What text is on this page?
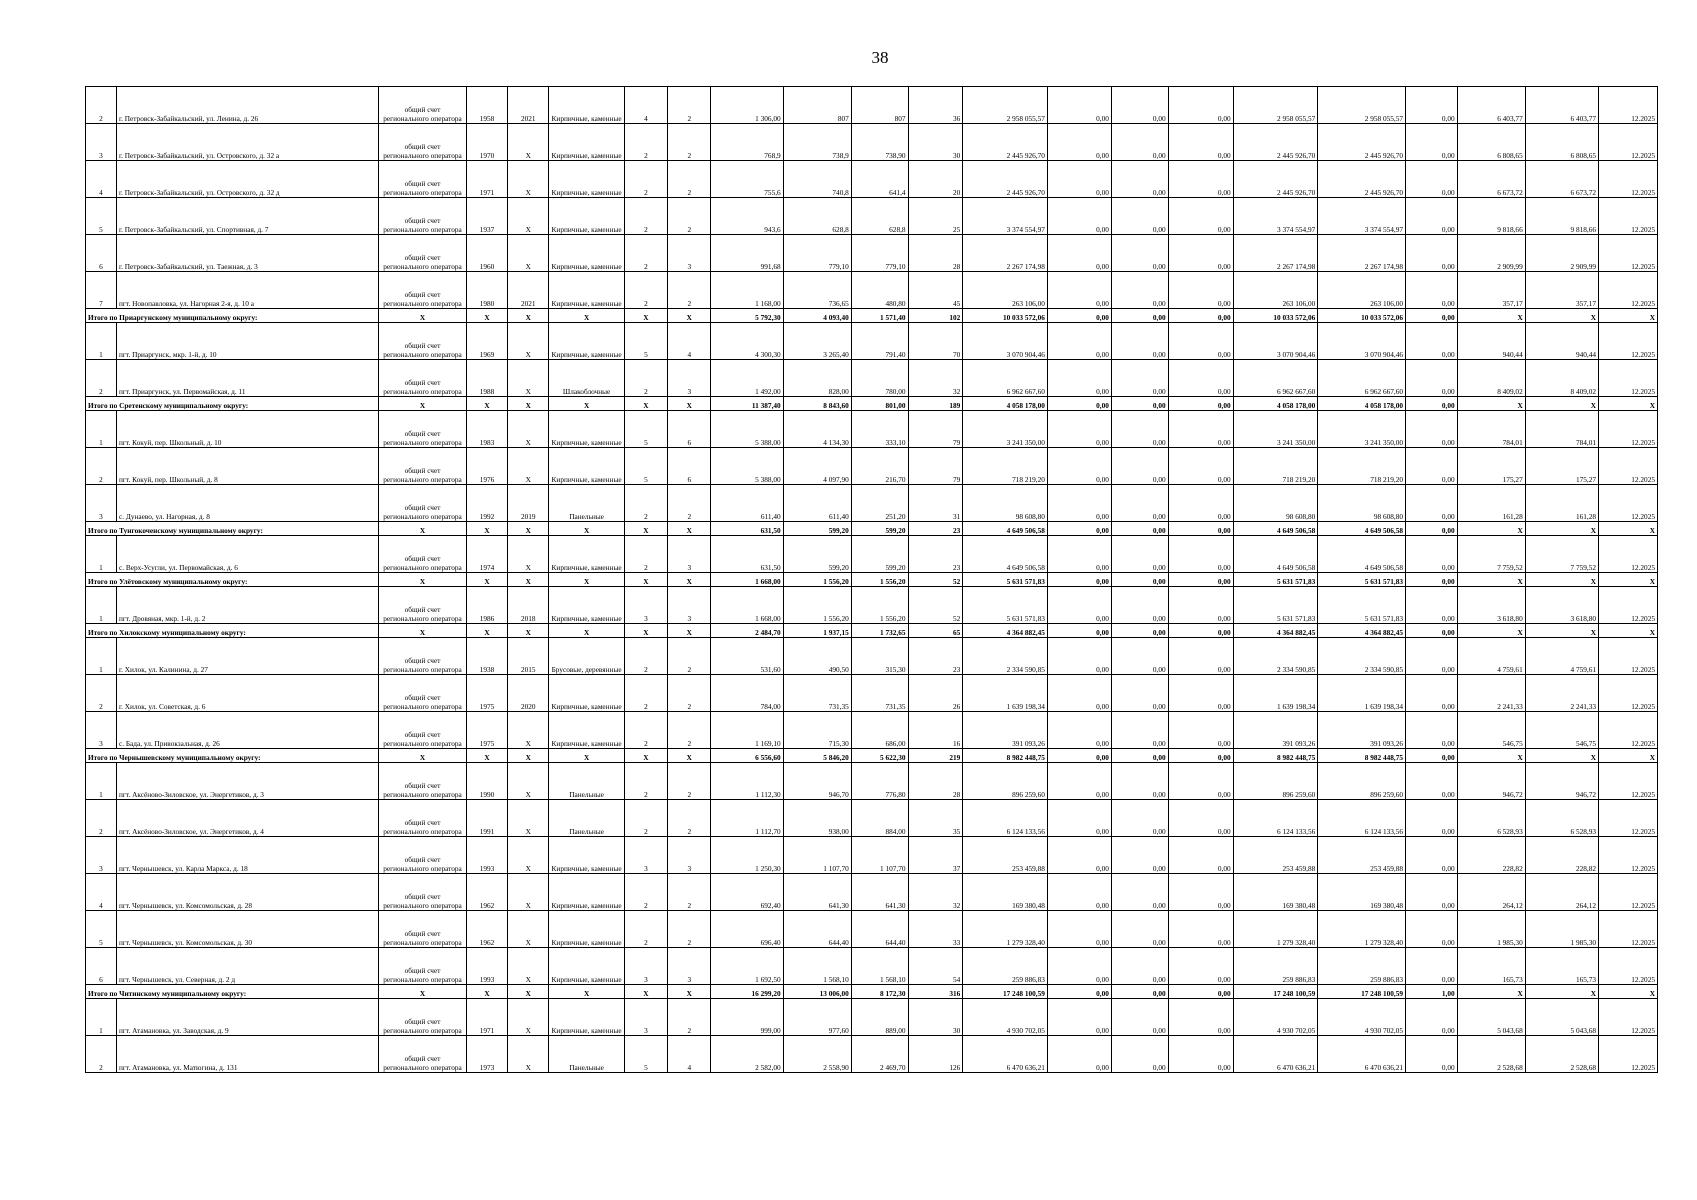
38
2	г. Петровск-Забайкальский, ул. Ленина, д. 26	общий счет регионального оператора	1958	2021	Кирпичные, каменные	4	2	1 306,00	807	807	36	2 958 055,57	0,00	0,00	0,00	2 958 055,57	2 958 055,57	0,00	6 403,77	6 403,77	12.2025
3	г. Петровск-Забайкальский, ул. Островского, д. 32 а	общий счет регионального оператора	1970	X	Кирпичные, каменные	2	2	768,9	738,9	738,90	30	2 445 926,70	0,00	0,00	0,00	2 445 926,70	2 445 926,70	0,00	6 808,65	6 808,65	12.2025
4	г. Петровск-Забайкальский, ул. Островского, д. 32 д	общий счет регионального оператора	1971	X	Кирпичные, каменные	2	2	755,6	740,8	641,4	20	2 445 926,70	0,00	0,00	0,00	2 445 926,70	2 445 926,70	0,00	6 673,72	6 673,72	12.2025
5	г. Петровск-Забайкальский, ул. Спортивная, д. 7	общий счет регионального оператора	1937	X	Кирпичные, каменные	2	2	943,6	628,8	628,8	25	3 374 554,97	0,00	0,00	0,00	3 374 554,97	3 374 554,97	0,00	9 818,66	9 818,66	12.2025
6	г. Петровск-Забайкальский, ул. Таежная, д. 3	общий счет регионального оператора	1960	X	Кирпичные, каменные	2	3	991,68	779,10	779,10	28	2 267 174,98	0,00	0,00	0,00	2 267 174,98	2 267 174,98	0,00	2 909,99	2 909,99	12.2025
7	пгт. Новопавловка, ул. Нагорная 2-я, д. 10 а	общий счет регионального оператора	1980	2021	Кирпичные, каменные	2	2	1 168,00	736,65	480,80	45	263 106,00	0,00	0,00	0,00	263 106,00	263 106,00	0,00	357,17	357,17	12.2025
Итого по Приаргунскому муниципальному округу:		X	X	X	X	X	X	5 792,30	4 093,40	1 571,40	102	10 033 572,06	0,00	0,00	0,00	10 033 572,06	10 033 572,06	0,00	X	X	X
1	пгт. Приаргунск, мкр. 1-й, д. 10	общий счет регионального оператора	1969	X	Кирпичные, каменные	5	4	4 300,30	3 265,40	791,40	70	3 070 904,46	0,00	0,00	0,00	3 070 904,46	3 070 904,46	0,00	940,44	940,44	12.2025
2	пгт. Приаргунск, ул. Первомайская, д. 11	общий счет регионального оператора	1988	X	Шлакоблочные	2	3	1 492,00	828,00	780,00	32	6 962 667,60	0,00	0,00	0,00	6 962 667,60	6 962 667,60	0,00	8 409,02	8 409,02	12.2025
Итого по Сретенскому муниципальному округу:		X	X	X	X	X	X	11 387,40	8 843,60	801,00	189	4 058 178,00	0,00	0,00	0,00	4 058 178,00	4 058 178,00	0,00	X	X	X
1	пгт. Кокуй, пер. Школьный, д. 10	общий счет регионального оператора	1983	X	Кирпичные, каменные	5	6	5 388,00	4 134,30	333,10	79	3 241 350,00	0,00	0,00	0,00	3 241 350,00	3 241 350,00	0,00	784,01	784,01	12.2025
2	пгт. Кокуй, пер. Школьный, д. 8	общий счет регионального оператора	1976	X	Кирпичные, каменные	5	6	5 388,00	4 097,90	216,70	79	718 219,20	0,00	0,00	0,00	718 219,20	718 219,20	0,00	175,27	175,27	12.2025
3	с. Дунаево, ул. Нагорная, д. 8	общий счет регионального оператора	1992	2019	Панельные	2	2	611,40	611,40	251,20	31	98 608,80	0,00	0,00	0,00	98 608,80	98 608,80	0,00	161,28	161,28	12.2025
Итого по Тунгокоченскому муниципальному округу:		X	X	X	X	X	X	631,50	599,20	599,20	23	4 649 506,58	0,00	0,00	0,00	4 649 506,58	4 649 506,58	0,00	X	X	X
1	с. Верх-Усугли, ул. Первомайская, д. 6	общий счет регионального оператора	1974	X	Кирпичные, каменные	2	3	631,50	599,20	599,20	23	4 649 506,58	0,00	0,00	0,00	4 649 506,58	4 649 506,58	0,00	7 759,52	7 759,52	12.2025
Итого по Улётовскому муниципальному округу:		X	X	X	X	X	X	1 668,00	1 556,20	1 556,20	52	5 631 571,83	0,00	0,00	0,00	5 631 571,83	5 631 571,83	0,00	X	X	X
1	пгт. Дровяная, мкр. 1-й, д. 2	общий счет регионального оператора	1986	2018	Кирпичные, каменные	3	3	1 668,00	1 556,20	1 556,20	52	5 631 571,83	0,00	0,00	0,00	5 631 571,83	5 631 571,83	0,00	3 618,80	3 618,80	12.2025
Итого по Хилокскому муниципальному округу:		X	X	X	X	X	X	2 484,70	1 937,15	1 732,65	65	4 364 882,45	0,00	0,00	0,00	4 364 882,45	4 364 882,45	0,00	X	X	X
1	г. Хилок, ул. Калинина, д. 27	общий счет регионального оператора	1938	2015	Брусовые, деревянные	2	2	531,60	490,50	315,30	23	2 334 590,85	0,00	0,00	0,00	2 334 590,85	2 334 590,85	0,00	4 759,61	4 759,61	12.2025
2	г. Хилок, ул. Советская, д. 6	общий счет регионального оператора	1975	2020	Кирпичные, каменные	2	2	784,00	731,35	731,35	26	1 639 198,34	0,00	0,00	0,00	1 639 198,34	1 639 198,34	0,00	2 241,33	2 241,33	12.2025
3	с. Бада, ул. Привокзальная, д. 26	общий счет регионального оператора	1975	X	Кирпичные, каменные	2	2	1 169,10	715,30	686,00	16	391 093,26	0,00	0,00	0,00	391 093,26	391 093,26	0,00	546,75	546,75	12.2025
Итого по Чернышевскому муниципальному округу:		X	X	X	X	X	X	6 556,60	5 846,20	5 622,30	219	8 982 448,75	0,00	0,00	0,00	8 982 448,75	8 982 448,75	0,00	X	X	X
1	пгт. Аксёново-Зиловское, ул. Энергетиков, д. 3	общий счет регионального оператора	1990	X	Панельные	2	2	1 112,30	946,70	776,80	28	896 259,60	0,00	0,00	0,00	896 259,60	896 259,60	0,00	946,72	946,72	12.2025
2	пгт. Аксёново-Зиловское, ул. Энергетиков, д. 4	общий счет регионального оператора	1991	X	Панельные	2	2	1 112,70	938,00	884,00	35	6 124 133,56	0,00	0,00	0,00	6 124 133,56	6 124 133,56	0,00	6 528,93	6 528,93	12.2025
3	пгт. Чернышевск, ул. Карла Маркса, д. 18	общий счет регионального оператора	1993	X	Кирпичные, каменные	3	3	1 250,30	1 107,70	1 107,70	37	253 459,88	0,00	0,00	0,00	253 459,88	253 459,88	0,00	228,82	228,82	12.2025
4	пгт. Чернышевск, ул. Комсомольская, д. 28	общий счет регионального оператора	1962	X	Кирпичные, каменные	2	2	692,40	641,30	641,30	32	169 380,48	0,00	0,00	0,00	169 380,48	169 380,48	0,00	264,12	264,12	12.2025
5	пгт. Чернышевск, ул. Комсомольская, д. 30	общий счет регионального оператора	1962	X	Кирпичные, каменные	2	2	696,40	644,40	644,40	33	1 279 328,40	0,00	0,00	0,00	1 279 328,40	1 279 328,40	0,00	1 985,30	1 985,30	12.2025
6	пгт. Чернышевск, ул. Северная, д. 2 д	общий счет регионального оператора	1993	X	Кирпичные, каменные	3	3	1 692,50	1 568,10	1 568,10	54	259 886,83	0,00	0,00	0,00	259 886,83	259 886,83	0,00	165,73	165,73	12.2025
Итого по Читинскому муниципальному округу:		X	X	X	X	X	X	16 299,20	13 006,00	8 172,30	316	17 248 100,59	0,00	0,00	0,00	17 248 100,59	17 248 100,59	1,00	X	X	X
1	пгт. Атамановка, ул. Заводская, д. 9	общий счет регионального оператора	1971	X	Кирпичные, каменные	3	2	999,00	977,60	889,00	30	4 930 702,05	0,00	0,00	0,00	4 930 702,05	4 930 702,05	0,00	5 043,68	5 043,68	12.2025
2	пгт. Атамановка, ул. Матюгина, д. 131	общий счет регионального оператора	1973	X	Панельные	5	4	2 582,00	2 558,90	2 469,70	126	6 470 636,21	0,00	0,00	0,00	6 470 636,21	6 470 636,21	0,00	2 528,68	2 528,68	12.2025
